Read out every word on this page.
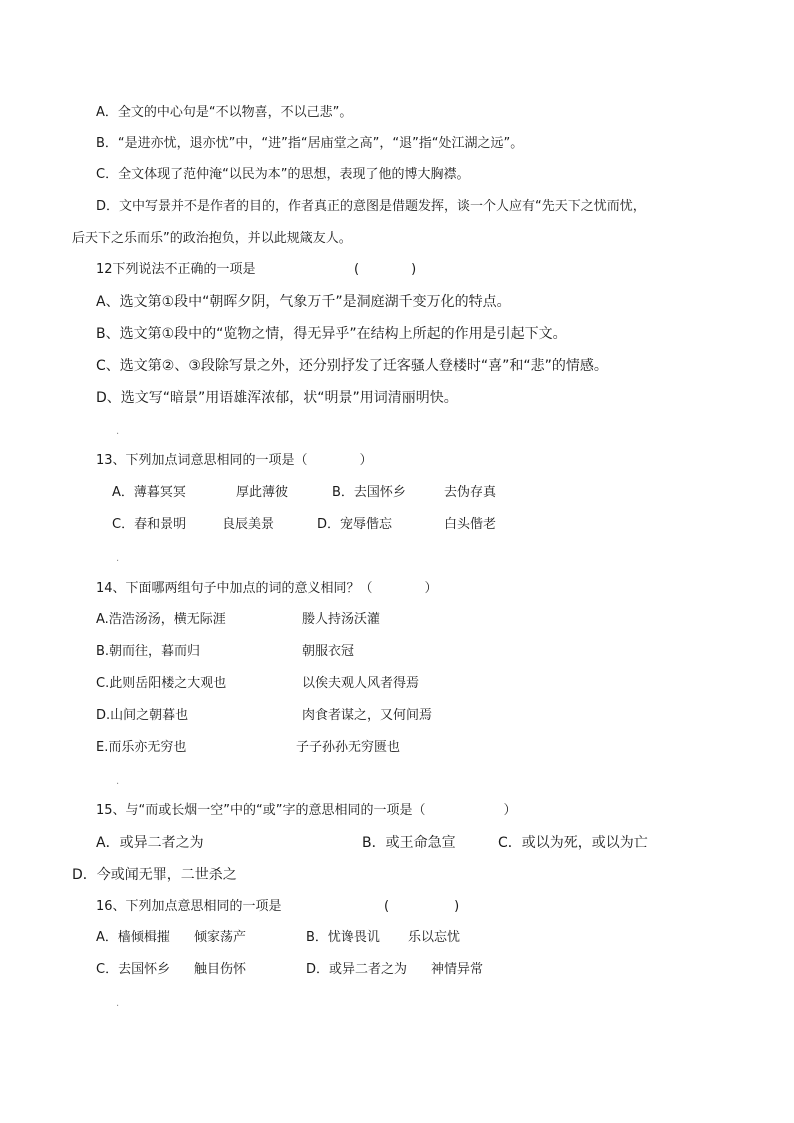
A．全文的中心句是“不以物喜，不以己悲”。
B．“是进亦忧，退亦忧”中，“进”指“居庙堂之高”，“退”指“处江湖之远”。
C．全文体现了范仲淹“以民为本”的思想，表现了他的博大胸襟。
D．文中写景并不是作者的目的，作者真正的意图是借题发挥，谈一个人应有“先天下之忧而忧，
后天下之乐而乐”的政治抱负，并以此规箴友人。
12下列说法不正确的一项是	(　　　　)
A、选文第①段中“朝晖夕阴，气象万千”是洞庭湖千变万化的特点。
B、选文第①段中的“览物之情，得无异乎”在结构上所起的作用是引起下文。
C、选文第②、③段除写景之外，还分别抒发了迁客骚人登楼时“喜”和“悲”的情感。
D、选文写“暗景”用语雄浑浓郁，状“明景”用词清丽明快。
.
13、下列加点词意思相同的一项是（　　　　）
A．薄暮冥冥	厚此薄彼	B．去国怀乡	去伪存真
C．春和景明	良辰美景	D．宠辱偕忘	白头偕老
.
14、下面哪两组句子中加点的词的意义相同？（　　　　）
A.浩浩汤汤，横无际涯	媵人持汤沃灌
B.朝而往，暮而归	朝服衣冠
C.此则岳阳楼之大观也	以俟夫观人风者得焉
D.山间之朝暮也	肉食者谋之，又何间焉
E.而乐亦无穷也	子子孙孙无穷匮也
.
15、与“而或长烟一空”中的“或”字的意思相同的一项是（　　　　　　）
A．或异二者之为	B．或王命急宣	C．或以为死，或以为亡
D．今或闻无罪，二世杀之
16、下列加点意思相同的一项是	(　　　　　)
A．樯倾楫摧 倾家荡产	B．忧谗畏讥 乐以忘忧
C．去国怀乡 触目伤怀	D．或异二者之为 神情异常
.
